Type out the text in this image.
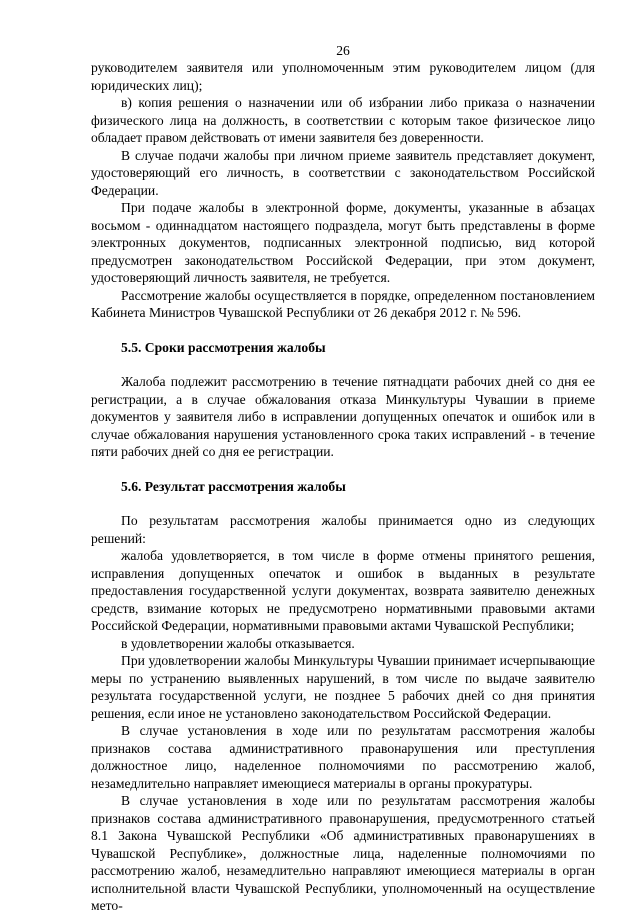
26

руководителем заявителя или уполномоченным этим руководителем лицом (для юридических лиц);

в) копия решения о назначении или об избрании либо приказа о назначении физического лица на должность, в соответствии с которым такое физическое лицо обладает правом действовать от имени заявителя без доверенности.

В случае подачи жалобы при личном приеме заявитель представляет документ, удостоверяющий его личность, в соответствии с законодательством Российской Федерации.

При подаче жалобы в электронной форме, документы, указанные в абзацах восьмом - одиннадцатом настоящего подраздела, могут быть представлены в форме электронных документов, подписанных электронной подписью, вид которой предусмотрен законодательством Российской Федерации, при этом документ, удостоверяющий личность заявителя, не требуется.

Рассмотрение жалобы осуществляется в порядке, определенном постановлением Кабинета Министров Чувашской Республики от 26 декабря 2012 г. № 596.

5.5. Сроки рассмотрения жалобы

Жалоба подлежит рассмотрению в течение пятнадцати рабочих дней со дня ее регистрации, а в случае обжалования отказа Минкультуры Чувашии в приеме документов у заявителя либо в исправлении допущенных опечаток и ошибок или в случае обжалования нарушения установленного срока таких исправлений - в течение пяти рабочих дней со дня ее регистрации.

5.6. Результат рассмотрения жалобы

По результатам рассмотрения жалобы принимается одно из следующих решений:

жалоба удовлетворяется, в том числе в форме отмены принятого решения, исправления допущенных опечаток и ошибок в выданных в результате предоставления государственной услуги документах, возврата заявителю денежных средств, взимание которых не предусмотрено нормативными правовыми актами Российской Федерации, нормативными правовыми актами Чувашской Республики;

в удовлетворении жалобы отказывается.

При удовлетворении жалобы Минкультуры Чувашии принимает исчерпывающие меры по устранению выявленных нарушений, в том числе по выдаче заявителю результата государственной услуги, не позднее 5 рабочих дней со дня принятия решения, если иное не установлено законодательством Российской Федерации.

В случае установления в ходе или по результатам рассмотрения жалобы признаков состава административного правонарушения или преступления должностное лицо, наделенное полномочиями по рассмотрению жалоб, незамедлительно направляет имеющиеся материалы в органы прокуратуры.

В случае установления в ходе или по результатам рассмотрения жалобы признаков состава административного правонарушения, предусмотренного статьей 8.1 Закона Чувашской Республики «Об административных правонарушениях в Чувашской Республике», должностные лица, наделенные полномочиями по рассмотрению жалоб, незамедлительно направляют имеющиеся материалы в орган исполнительной власти Чувашской Республики, уполномоченный на осуществление мето-
